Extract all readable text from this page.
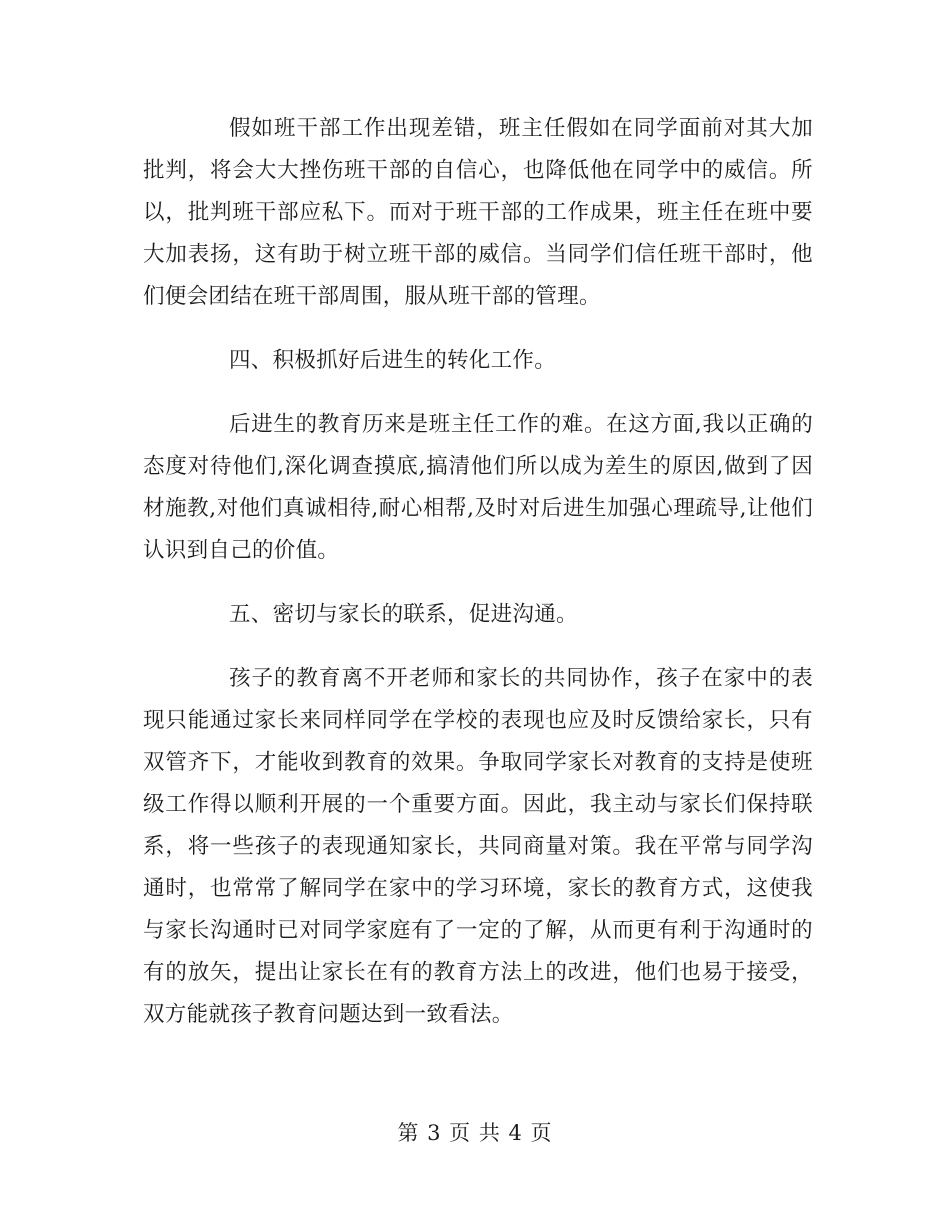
假如班干部工作出现差错，班主任假如在同学面前对其大加批判，将会大大挫伤班干部的自信心，也降低他在同学中的威信。所以，批判班干部应私下。而对于班干部的工作成果，班主任在班中要大加表扬，这有助于树立班干部的威信。当同学们信任班干部时，他们便会团结在班干部周围，服从班干部的管理。

四、积极抓好后进生的转化工作。

后进生的教育历来是班主任工作的难。在这方面,我以正确的态度对待他们,深化调查摸底,搞清他们所以成为差生的原因,做到了因材施教,对他们真诚相待,耐心相帮,及时对后进生加强心理疏导,让他们认识到自己的价值。

五、密切与家长的联系，促进沟通。

孩子的教育离不开老师和家长的共同协作，孩子在家中的表现只能通过家长来同样同学在学校的表现也应及时反馈给家长，只有双管齐下，才能收到教育的效果。争取同学家长对教育的支持是使班级工作得以顺利开展的一个重要方面。因此，我主动与家长们保持联系，将一些孩子的表现通知家长，共同商量对策。我在平常与同学沟通时，也常常了解同学在家中的学习环境，家长的教育方式，这使我与家长沟通时已对同学家庭有了一定的了解，从而更有利于沟通时的有的放矢，提出让家长在有的教育方法上的改进，他们也易于接受，双方能就孩子教育问题达到一致看法。

第 3 页 共 4 页
